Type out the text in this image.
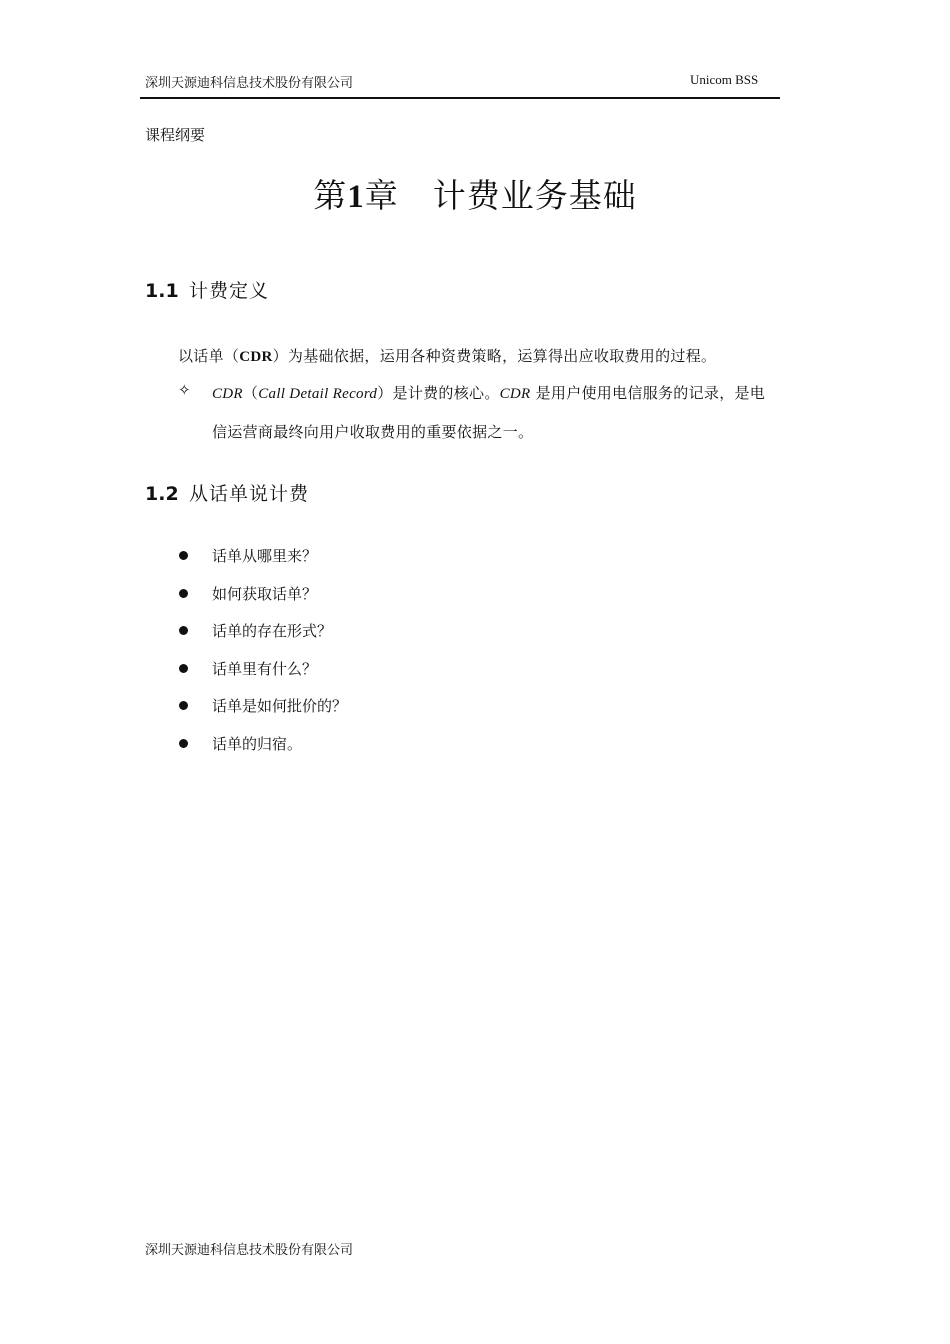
深圳天源迪科信息技术股份有限公司	Unicom BSS
课程纲要
第1章 计费业务基础
1.1 计费定义
以话单（CDR）为基础依据，运用各种资费策略，运算得出应收取费用的过程。
✧ CDR（Call Detail Record）是计费的核心。CDR 是用户使用电信服务的记录，是电
信运营商最终向用户收取费用的重要依据之一。
1.2 从话单说计费
话单从哪里来？
如何获取话单？
话单的存在形式？
话单里有什么？
话单是如何批价的？
话单的归宿。
深圳天源迪科信息技术股份有限公司
